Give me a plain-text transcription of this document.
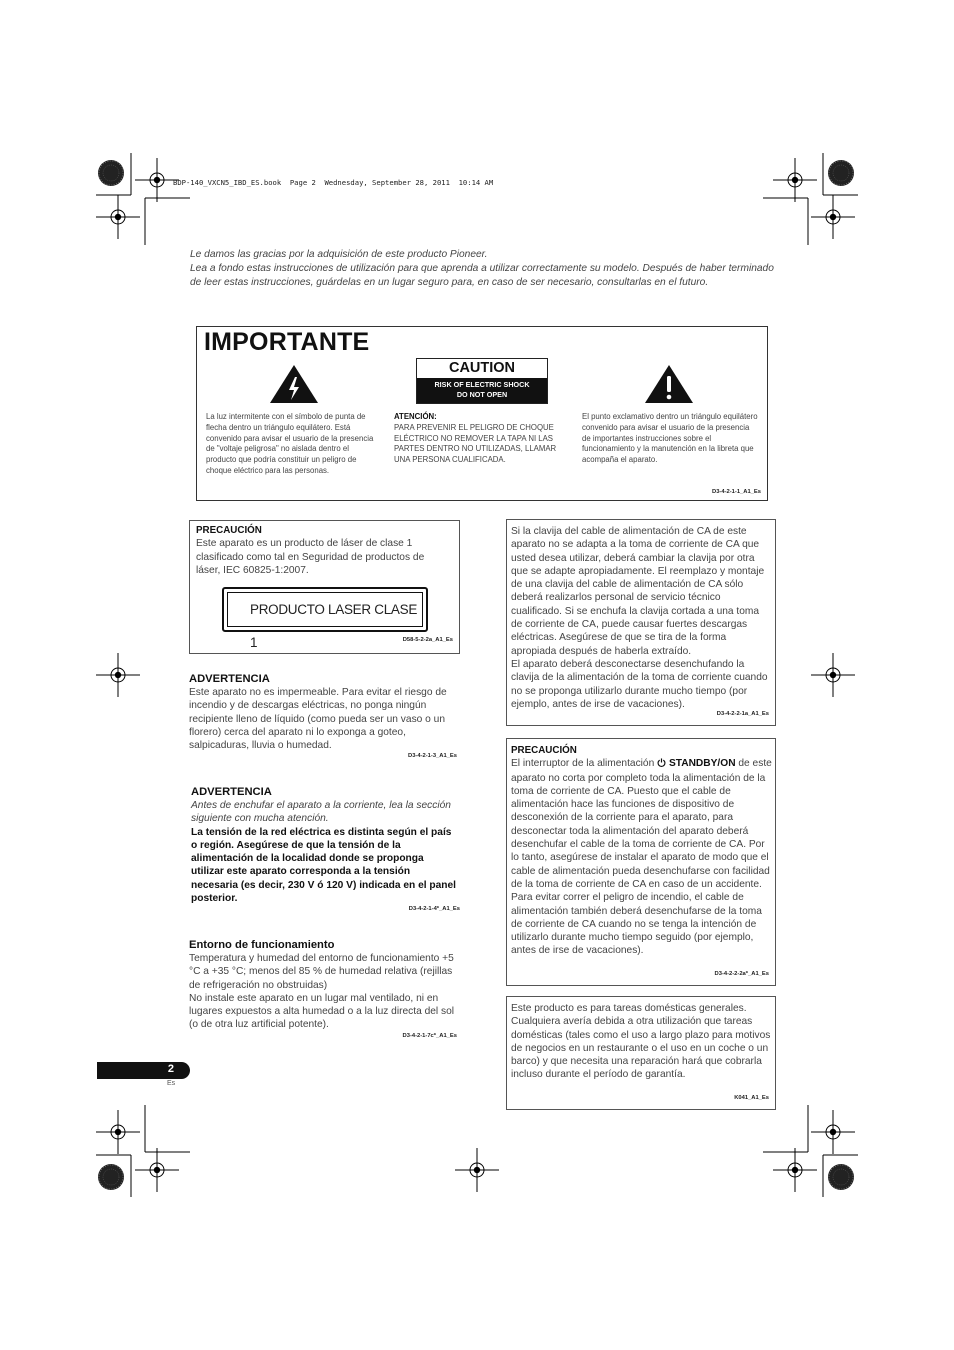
BDP-140_VXCN5_IBD_ES.book  Page 2  Wednesday, September 28, 2011  10:14 AM

Le damos las gracias por la adquisición de este producto Pioneer.

Lea a fondo estas instrucciones de utilización para que aprenda a utilizar correctamente su modelo. Después de haber terminado de leer estas instrucciones, guárdelas en un lugar seguro para, en caso de ser necesario, consultarlas en el futuro.

IMPORTANTE
CAUTION
RISK OF ELECTRIC SHOCK
DO NOT OPEN
La luz intermitente con el símbolo de punta de flecha dentro un triángulo equilátero. Está convenido para avisar el usuario de la presencia de "voltaje peligrosa" no aislada dentro el producto que podría constituir un peligro de choque eléctrico para las personas.
ATENCIÓN:
PARA PREVENIR EL PELIGRO DE CHOQUE ELÉCTRICO NO REMOVER LA TAPA NI LAS PARTES DENTRO NO UTILIZADAS, LLAMAR UNA PERSONA CUALIFICADA.
El punto exclamativo dentro un triángulo equilátero convenido para avisar el usuario de la presencia de importantes instrucciones sobre el funcionamiento y la manutención en la libreta que acompaña el aparato.
D3-4-2-1-1_A1_Es
PRECAUCIÓN
Este aparato es un producto de láser de clase 1 clasificado como tal en Seguridad de productos de láser, IEC 60825-1:2007.
PRODUCTO LASER CLASE 1	D58-5-2-2a_A1_Es
ADVERTENCIA
Este aparato no es impermeable. Para evitar el riesgo de incendio y de descargas eléctricas, no ponga ningún recipiente lleno de líquido (como pueda ser un vaso o un florero) cerca del aparato ni lo exponga a goteo, salpicaduras, lluvia o humedad.
D3-4-2-1-3_A1_Es
ADVERTENCIA
Antes de enchufar el aparato a la corriente, lea la sección siguiente con mucha atención.
La tensión de la red eléctrica es distinta según el país o región. Asegúrese de que la tensión de la alimentación de la localidad donde se proponga utilizar este aparato corresponda a la tensión necesaria (es decir, 230 V ó 120 V) indicada en el panel posterior.
D3-4-2-1-4*_A1_Es
Entorno de funcionamiento
Temperatura y humedad del entorno de funcionamiento +5 °C a +35 °C; menos del 85 % de humedad relativa (rejillas de refrigeración no obstruidas)
No instale este aparato en un lugar mal ventilado, ni en lugares expuestos a alta humedad o a la luz directa del sol (o de otra luz artificial potente).
D3-4-2-1-7c*_A1_Es
2
Es
Si la clavija del cable de alimentación de CA de este aparato no se adapta a la toma de corriente de CA que usted desea utilizar, deberá cambiar la clavija por otra que se adapte apropiadamente. El reemplazo y montaje de una clavija del cable de alimentación de CA sólo deberá realizarlos personal de servicio técnico cualificado. Si se enchufa la clavija cortada a una toma de corriente de CA, puede causar fuertes descargas eléctricas. Asegúrese de que se tira de la forma apropiada después de haberla extraído.
El aparato deberá desconectarse desenchufando la clavija de la alimentación de la toma de corriente cuando no se proponga utilizarlo durante mucho tiempo (por ejemplo, antes de irse de vacaciones).
D3-4-2-2-1a_A1_Es
PRECAUCIÓN
El interruptor de la alimentación  STANDBY/ON de este aparato no corta por completo toda la alimentación de la toma de corriente de CA. Puesto que el cable de alimentación hace las funciones de dispositivo de desconexión de la corriente para el aparato, para desconectar toda la alimentación del aparato deberá desenchufar el cable de la toma de corriente de CA. Por lo tanto, asegúrese de instalar el aparato de modo que el cable de alimentación pueda desenchufarse con facilidad de la toma de corriente de CA en caso de un accidente. Para evitar correr el peligro de incendio, el cable de alimentación también deberá desenchufarse de la toma de corriente de CA cuando no se tenga la intención de utilizarlo durante mucho tiempo seguido (por ejemplo, antes de irse de vacaciones).
D3-4-2-2-2a*_A1_Es
Este producto es para tareas domésticas generales. Cualquiera avería debida a otra utilización que tareas domésticas (tales como el uso a largo plazo para motivos de negocios en un restaurante o el uso en un coche o un barco) y que necesita una reparación hará que cobrarla incluso durante el período de garantía.
K041_A1_Es
